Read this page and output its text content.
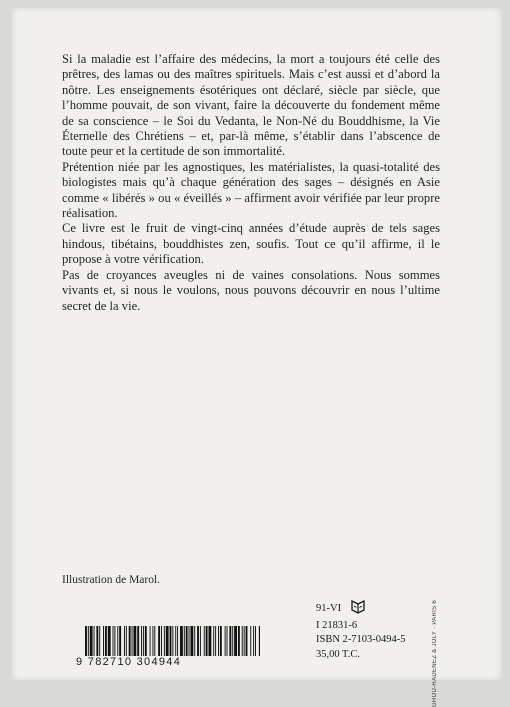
Si la maladie est l’affaire des médecins, la mort a toujours été celle des prêtres, des lamas ou des maîtres spirituels. Mais c’est aussi et d’abord la nôtre. Les enseignements ésotériques ont déclaré, siècle par siècle, que l’homme pouvait, de son vivant, faire la découverte du fondement même de sa conscience – le Soi du Vedanta, le Non-Né du Bouddhisme, la Vie Éternelle des Chrétiens – et, par-là même, s’établir dans l’abscence de toute peur et la certitude de son immortalité.

Prétention niée par les agnostiques, les matérialistes, la quasi-totalité des biologistes mais qu’à chaque génération des sages – désignés en Asie comme « libérés » ou « éveillés » – affirment avoir vérifiée par leur propre réalisation.

Ce livre est le fruit de vingt-cinq années d’étude auprès de tels sages hindous, tibétains, bouddhistes zen, soufis. Tout ce qu’il affirme, il le propose à votre vérification.

Pas de croyances aveugles ni de vaines consolations. Nous sommes vivants et, si nous le voulons, nous pouvons découvrir en nous l’ultime secret de la vie.

Illustration de Marol.
9 782710 304944
91-VI
I 21831-6
ISBN 2-7103-0494-5
35,00 T.C.	GROU-RADENEZ & JOLY · PARIS 6
